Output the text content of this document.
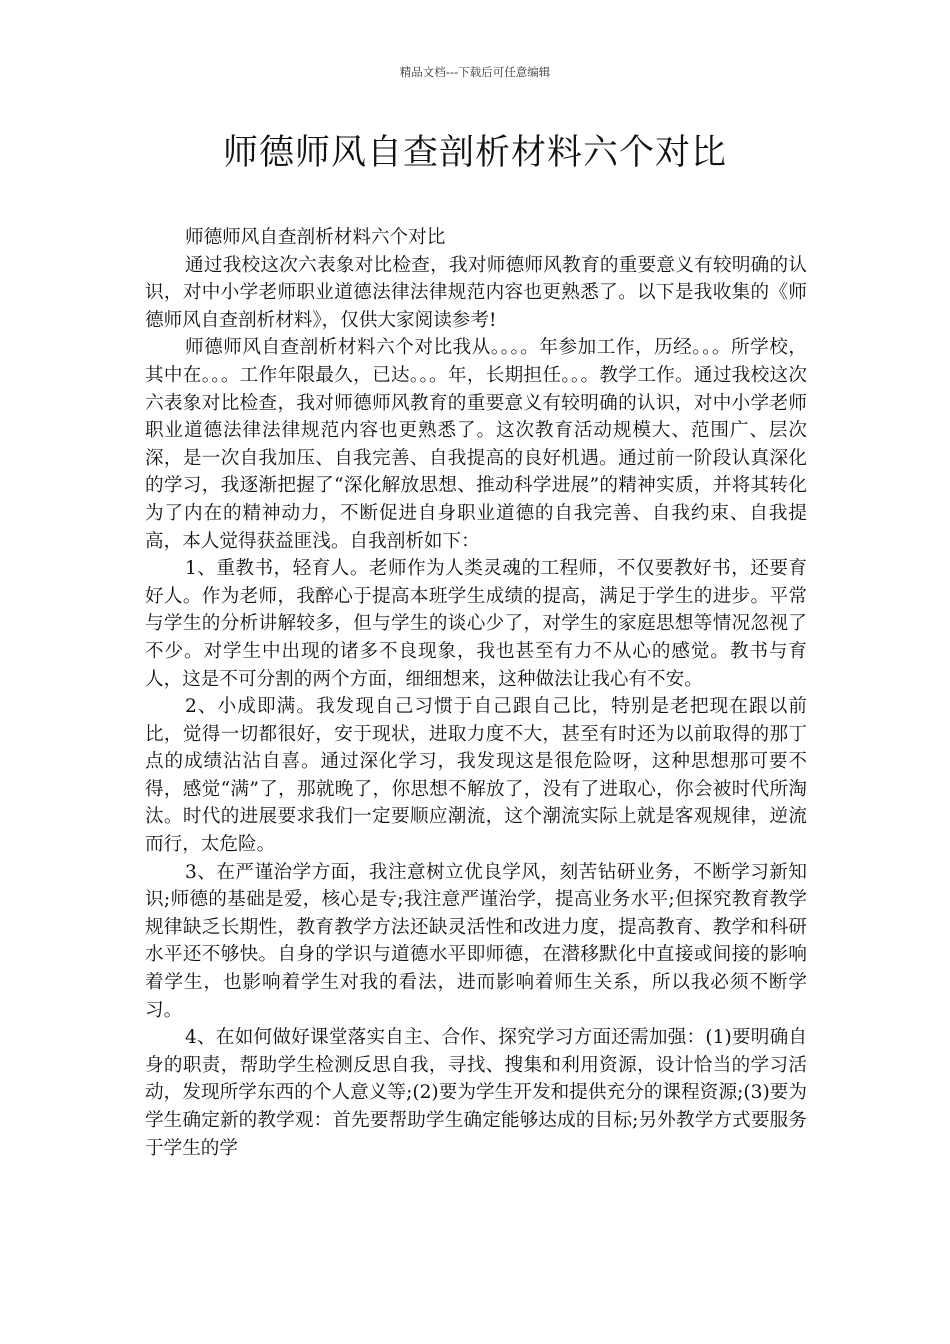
精品文档---下载后可任意编辑
师德师风自查剖析材料六个对比

师德师风自查剖析材料六个对比

通过我校这次六表象对比检查，我对师德师风教育的重要意义有较明确的认识，对中小学老师职业道德法律法律规范内容也更熟悉了。以下是我收集的《师德师风自查剖析材料》，仅供大家阅读参考!

师德师风自查剖析材料六个对比我从。。。。年参加工作，历经。。。所学校，其中在。。。工作年限最久，已达。。。年，长期担任。。。教学工作。通过我校这次六表象对比检查，我对师德师风教育的重要意义有较明确的认识，对中小学老师职业道德法律法律规范内容也更熟悉了。这次教育活动规模大、范围广、层次深，是一次自我加压、自我完善、自我提高的良好机遇。通过前一阶段认真深化的学习，我逐渐把握了“深化解放思想、推动科学进展”的精神实质，并将其转化为了内在的精神动力，不断促进自身职业道德的自我完善、自我约束、自我提高，本人觉得获益匪浅。自我剖析如下：

1、重教书，轻育人。老师作为人类灵魂的工程师，不仅要教好书，还要育好人。作为老师，我醉心于提高本班学生成绩的提高，满足于学生的进步。平常与学生的分析讲解较多，但与学生的谈心少了，对学生的家庭思想等情况忽视了不少。对学生中出现的诸多不良现象，我也甚至有力不从心的感觉。教书与育人，这是不可分割的两个方面，细细想来，这种做法让我心有不安。

2、小成即满。我发现自己习惯于自己跟自己比，特别是老把现在跟以前比，觉得一切都很好，安于现状，进取力度不大，甚至有时还为以前取得的那丁点的成绩沾沾自喜。通过深化学习，我发现这是很危险呀，这种思想那可要不得，感觉“满”了，那就晚了，你思想不解放了，没有了进取心，你会被时代所淘汰。时代的进展要求我们一定要顺应潮流，这个潮流实际上就是客观规律，逆流而行，太危险。

3、在严谨治学方面，我注意树立优良学风，刻苦钻研业务，不断学习新知识;师德的基础是爱，核心是专;我注意严谨治学，提高业务水平;但探究教育教学规律缺乏长期性，教育教学方法还缺灵活性和改进力度，提高教育、教学和科研水平还不够快。自身的学识与道德水平即师德，在潜移默化中直接或间接的影响着学生，也影响着学生对我的看法，进而影响着师生关系，所以我必须不断学习。

4、在如何做好课堂落实自主、合作、探究学习方面还需加强：(1)要明确自身的职责，帮助学生检测反思自我，寻找、搜集和利用资源，设计恰当的学习活动，发现所学东西的个人意义等;(2)要为学生开发和提供充分的课程资源;(3)要为学生确定新的教学观：首先要帮助学生确定能够达成的目标;另外教学方式要服务于学生的学
